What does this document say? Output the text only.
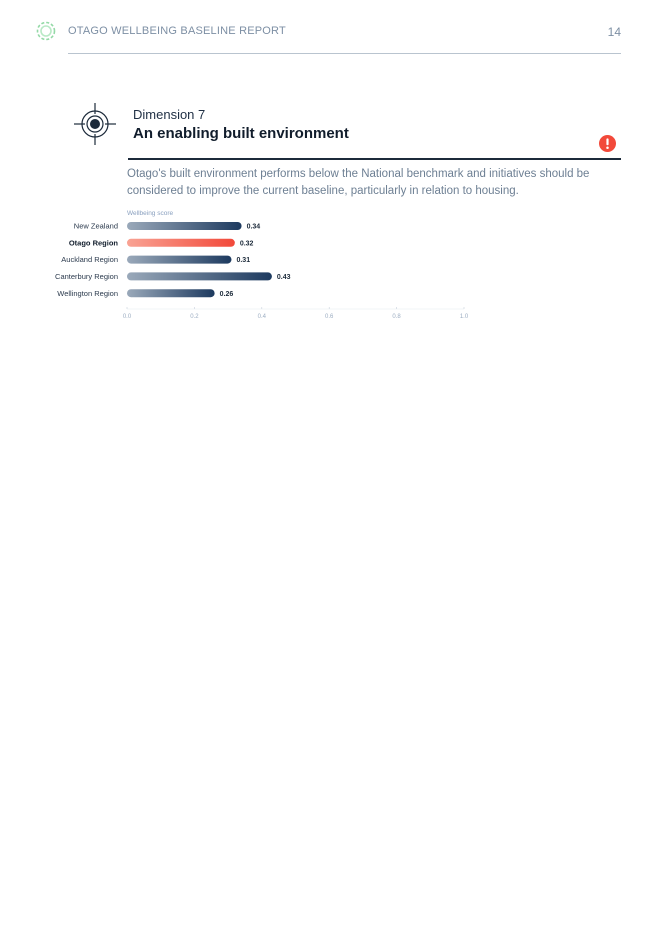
OTAGO WELLBEING BASELINE REPORT	14
Dimension 7
An enabling built environment
Otago's built environment performs below the National benchmark and initiatives should be considered to improve the current baseline, particularly in relation to housing.
Wellbeing score
New Zealand	0.34
Otago Region	0.32
Auckland Region	0.31
Canterbury Region	0.43
Wellington Region	0.26
0.0	0.2	0.4	0.6	0.8	1.0
